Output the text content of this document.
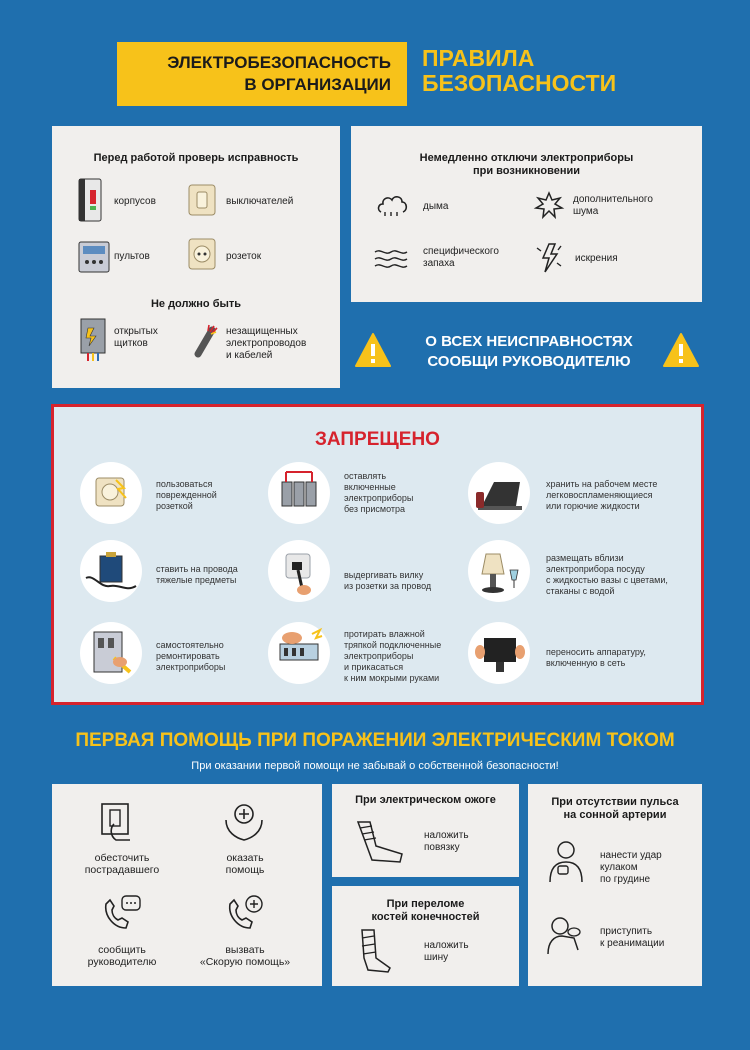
ЭЛЕКТРОБЕЗОПАСНОСТЬ
В ОРГАНИЗАЦИИ
ПРАВИЛА
БЕЗОПАСНОСТИ
Перед работой проверь исправность
корпусов	выключателей
пультов	розеток
Не должно быть
открытых
щитков
незащищенных
электропроводов
и кабелей
Немедленно отключи электроприборы
при возникновении
дыма
дополнительного
шума
специфического
запаха	искрения
О ВСЕХ НЕИСПРАВНОСТЯХ
СООБЩИ РУКОВОДИТЕЛЮ
ЗАПРЕЩЕНО
пользоваться
поврежденной
розеткой
оставлять
включенные
электроприборы
без присмотра
хранить на рабочем месте
легковоспламеняющиеся
или горючие жидкости
ставить на провода
тяжелые предметы	выдергивать вилку
из розетки за провод
размещать вблизи
электроприбора посуду
с жидкостью вазы с цветами,
стаканы с водой
самостоятельно
ремонтировать
электроприборы
протирать влажной
тряпкой подключенные
электроприборы
и прикасаться
к ним мокрыми руками
переносить аппаратуру,
включенную в сеть
ПЕРВАЯ ПОМОЩЬ ПРИ ПОРАЖЕНИИ ЭЛЕКТРИЧЕСКИМ ТОКОМ
При оказании первой помощи не забывай о собственной безопасности!
обесточить
пострадавшего
оказать
помощь
сообщить
руководителю
вызвать
«Скорую помощь»
При электрическом ожоге
наложить
повязку
При переломе
костей конечностей
наложить
шину
При отсутствии пульса
на сонной артерии
нанести удар
кулаком
по грудине
приступить
к реанимации
